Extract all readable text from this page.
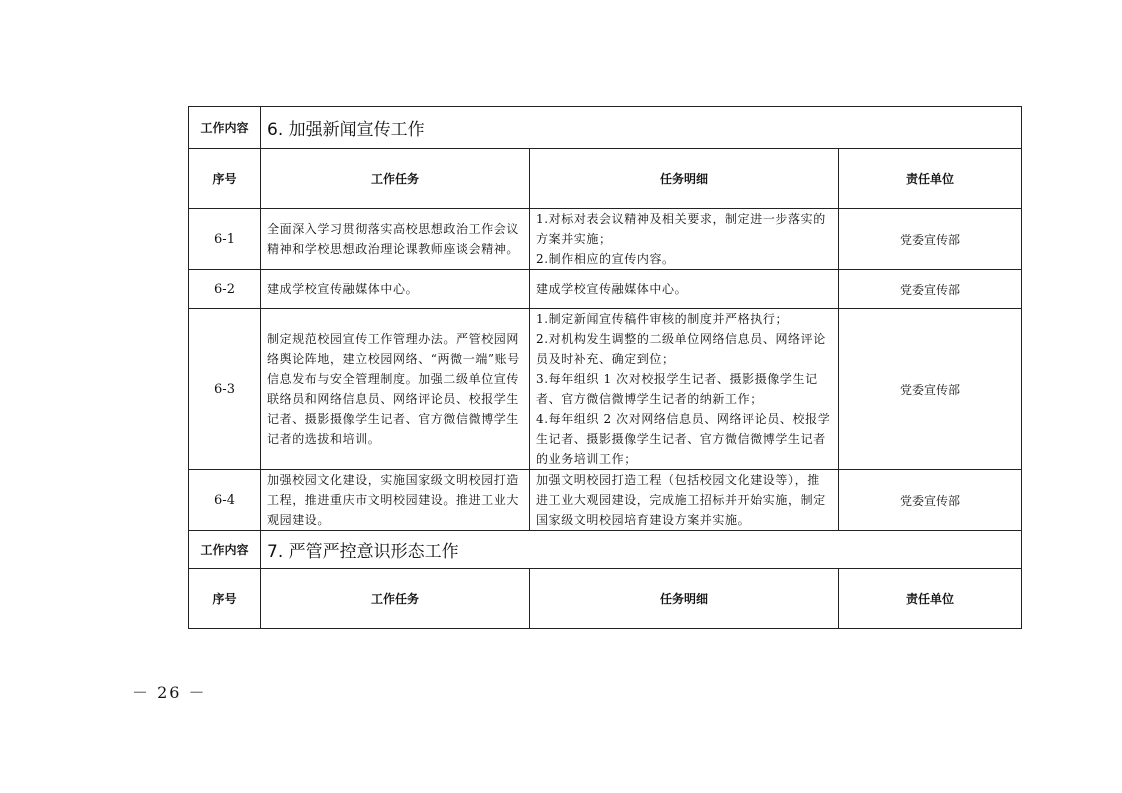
工作内容	6. 加强新闻宣传工作		
序号	工作任务	任务明细	责任单位
6-1	全面深入学习贯彻落实高校思想政治工作会议精神和学校思想政治理论课教师座谈会精神。	1.对标对表会议精神及相关要求，制定进一步落实的方案并实施；
2.制作相应的宣传内容。	党委宣传部
6-2	建成学校宣传融媒体中心。	建成学校宣传融媒体中心。	党委宣传部
6-3	制定规范校园宣传工作管理办法。严管校园网络舆论阵地，建立校园网络、“两微一端”账号信息发布与安全管理制度。加强二级单位宣传联络员和网络信息员、网络评论员、校报学生记者、摄影摄像学生记者、官方微信微博学生记者的选拔和培训。	1.制定新闻宣传稿件审核的制度并严格执行；
2.对机构发生调整的二级单位网络信息员、网络评论员及时补充、确定到位；
3.每年组织 1 次对校报学生记者、摄影摄像学生记者、官方微信微博学生记者的纳新工作；
4.每年组织 2 次对网络信息员、网络评论员、校报学生记者、摄影摄像学生记者、官方微信微博学生记者的业务培训工作；	党委宣传部
6-4	加强校园文化建设，实施国家级文明校园打造工程，推进重庆市文明校园建设。推进工业大观园建设。	加强文明校园打造工程（包括校园文化建设等），推进工业大观园建设，完成施工招标并开始实施，制定国家级文明校园培育建设方案并实施。	党委宣传部
工作内容	7. 严管严控意识形态工作		
序号	工作任务	任务明细	责任单位
－ 26 －
